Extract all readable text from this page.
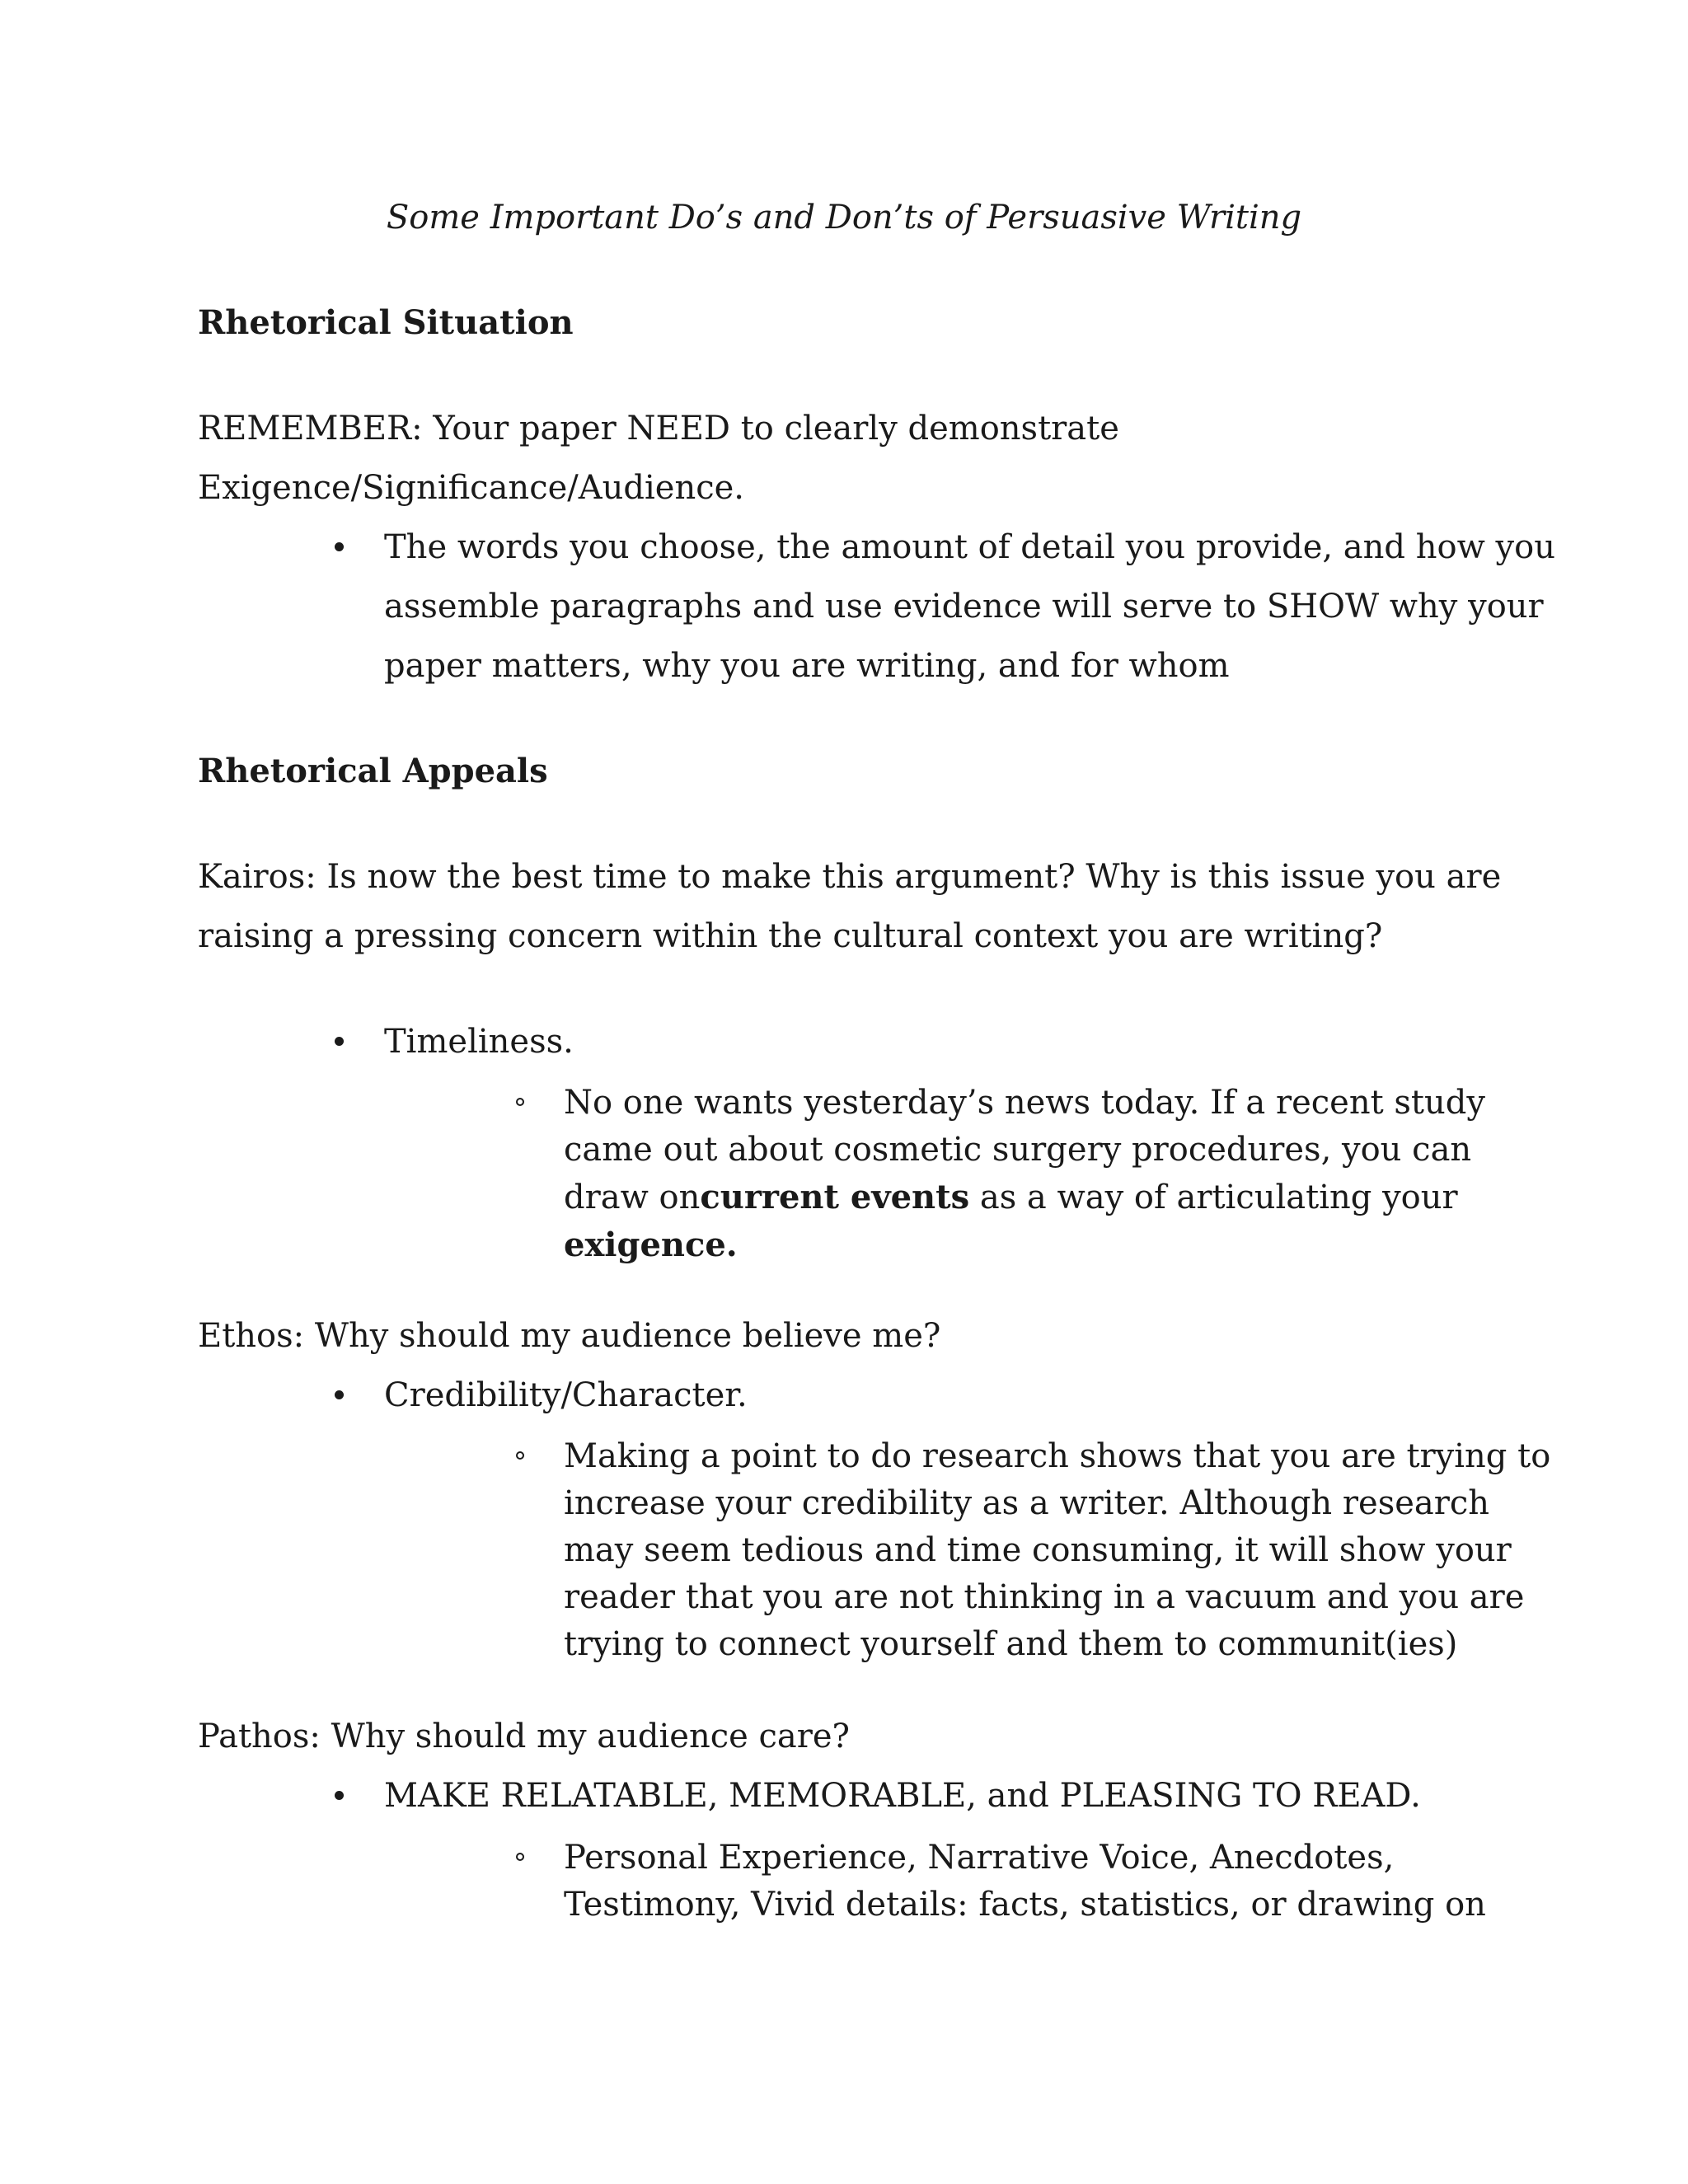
Some Important Do’s and Don’ts of Persuasive Writing
Rhetorical Situation
REMEMBER: Your paper NEED to clearly demonstrate
Exigence/Significance/Audience.
The words you choose, the amount of detail you provide, and how you
assemble paragraphs and use evidence will serve to SHOW why your
paper matters, why you are writing, and for whom
Rhetorical Appeals
Kairos: Is now the best time to make this argument? Why is this issue you are
raising a pressing concern within the cultural context you are writing?
Timeliness.
No one wants yesterday’s news today. If a recent study
came out about cosmetic surgery procedures, you can
draw oncurrent events as a way of articulating your
exigence.
Ethos: Why should my audience believe me?
Credibility/Character.
Making a point to do research shows that you are trying to
increase your credibility as a writer. Although research
may seem tedious and time consuming, it will show your
reader that you are not thinking in a vacuum and you are
trying to connect yourself and them to communit(ies)
Pathos: Why should my audience care?
MAKE RELATABLE, MEMORABLE, and PLEASING TO READ.
Personal Experience, Narrative Voice, Anecdotes,
Testimony, Vivid details: facts, statistics, or drawing on
